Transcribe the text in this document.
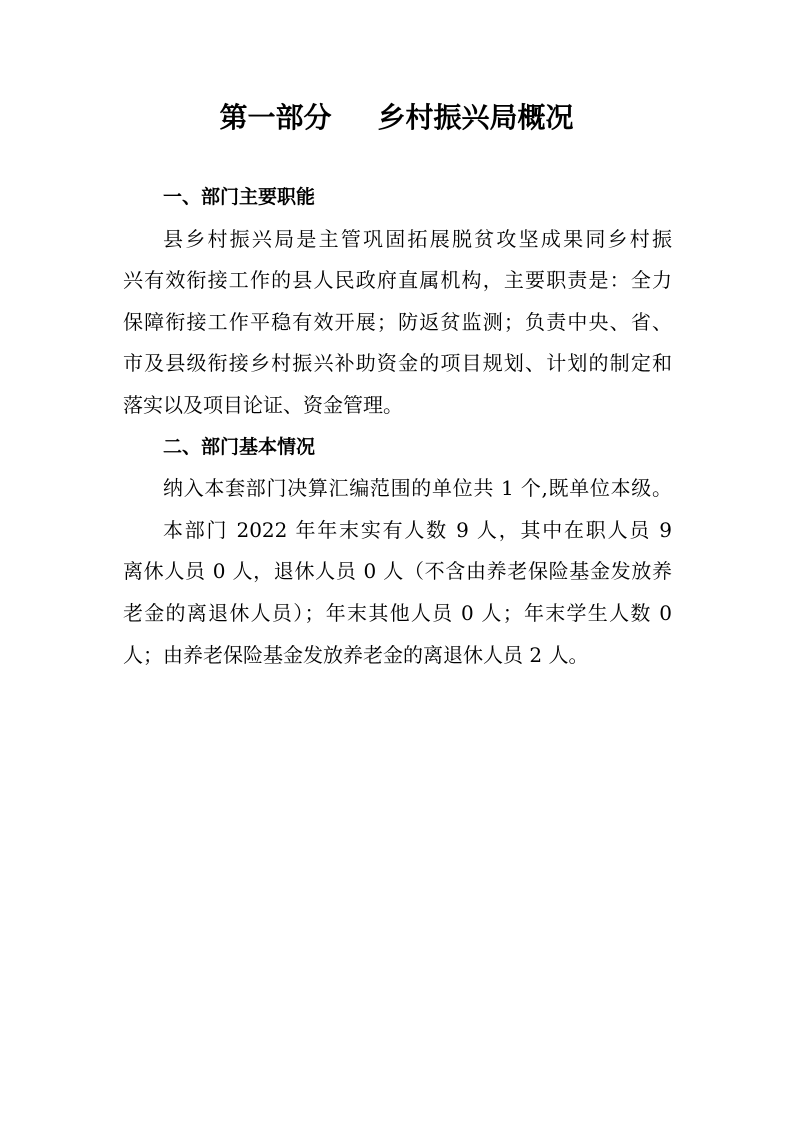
第一部分 乡村振兴局概况
一、部门主要职能
县乡村振兴局是主管巩固拓展脱贫攻坚成果同乡村振
兴有效衔接工作的县人民政府直属机构，主要职责是：全力
保障衔接工作平稳有效开展；防返贫监测；负责中央、省、
市及县级衔接乡村振兴补助资金的项目规划、计划的制定和
落实以及项目论证、资金管理。
二、部门基本情况
纳入本套部门决算汇编范围的单位共 1 个,既单位本级。
本部门 2022 年年末实有人数 9 人，其中在职人员 9
离休人员 0 人，退休人员 0 人（不含由养老保险基金发放养
老金的离退休人员）；年末其他人员 0 人；年末学生人数 0
人；由养老保险基金发放养老金的离退休人员 2 人。
